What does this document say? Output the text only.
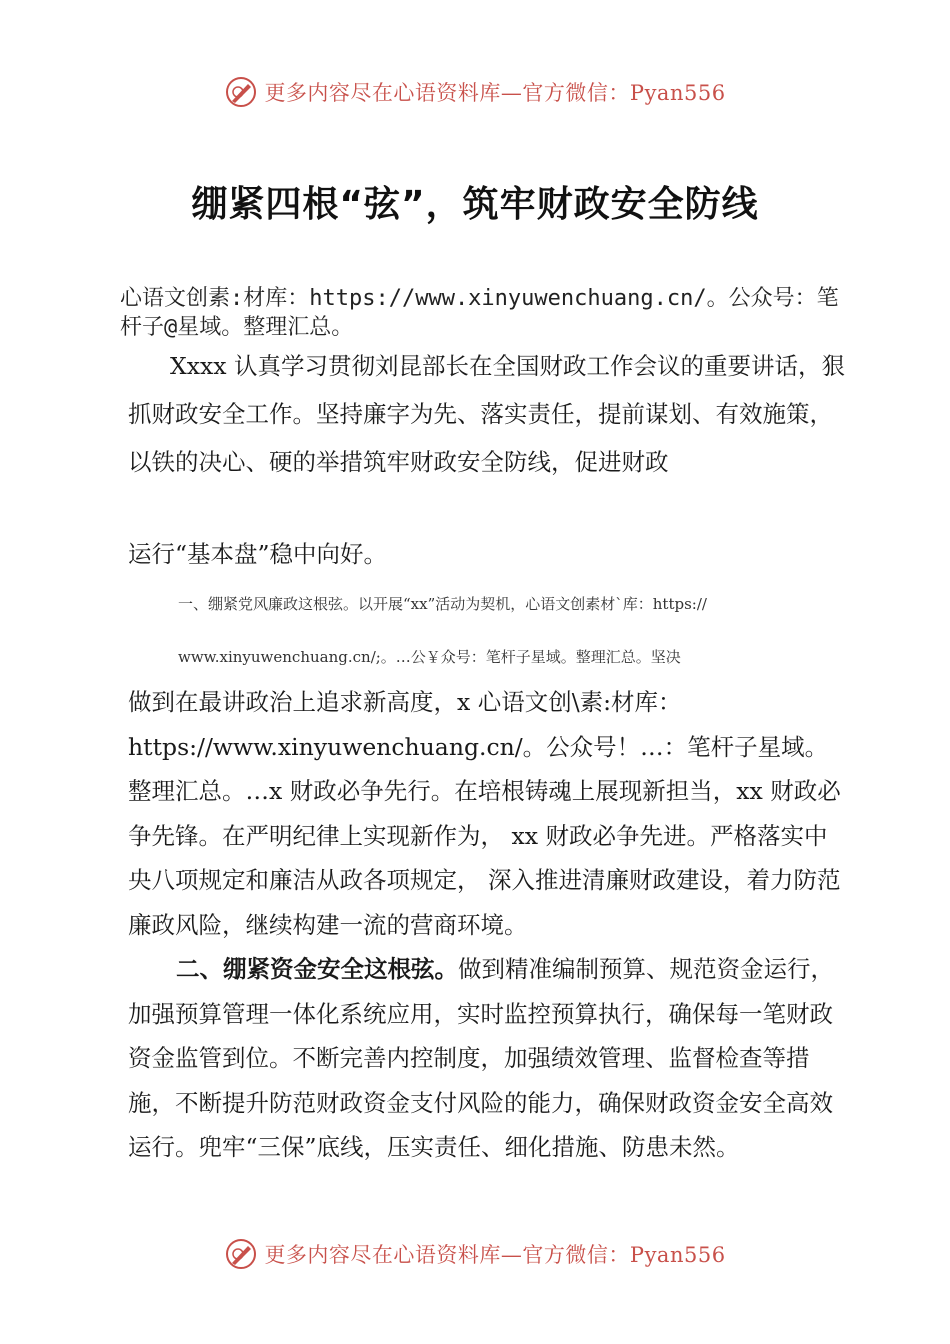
更多内容尽在心语资料库—官方微信：Pyan556
绷紧四根“弦”，筑牢财政安全防线
心语文创素:材库：https://www.xinyuwenchuang.cn/。公众号：笔杆子@星域。整理汇总。
Xxxx 认真学习贯彻刘昆部长在全国财政工作会议的重要讲话，狠抓财政安全工作。坚持廉字为先、落实责任，提前谋划、有效施策，以铁的决心、硬的举措筑牢财政安全防线，促进财政
运行“基本盘”稳中向好。
一、绷紧党风廉政这根弦。以开展“xx”活动为契机，心语文创素材`库：https://
www.xinyuwenchuang.cn/;。…公￥众号：笔杆子星域。整理汇总。坚决
做到在最讲政治上追求新高度，x 心语文创\素:材库：https://www.xinyuwenchuang.cn/。公众号！…：笔杆子星域。整理汇总。…x 财政必争先行。在培根铸魂上展现新担当，xx 财政必争先锋。在严明纪律上实现新作为， xx 财政必争先进。严格落实中央八项规定和廉洁从政各项规定， 深入推进清廉财政建设，着力防范廉政风险，继续构建一流的营商环境。
二、绷紧资金安全这根弦。做到精准编制预算、规范资金运行，加强预算管理一体化系统应用，实时监控预算执行，确保每一笔财政资金监管到位。不断完善内控制度，加强绩效管理、监督检查等措施，不断提升防范财政资金支付风险的能力，确保财政资金安全高效运行。兜牢“三保”底线，压实责任、细化措施、防患未然。
更多内容尽在心语资料库—官方微信：Pyan556
